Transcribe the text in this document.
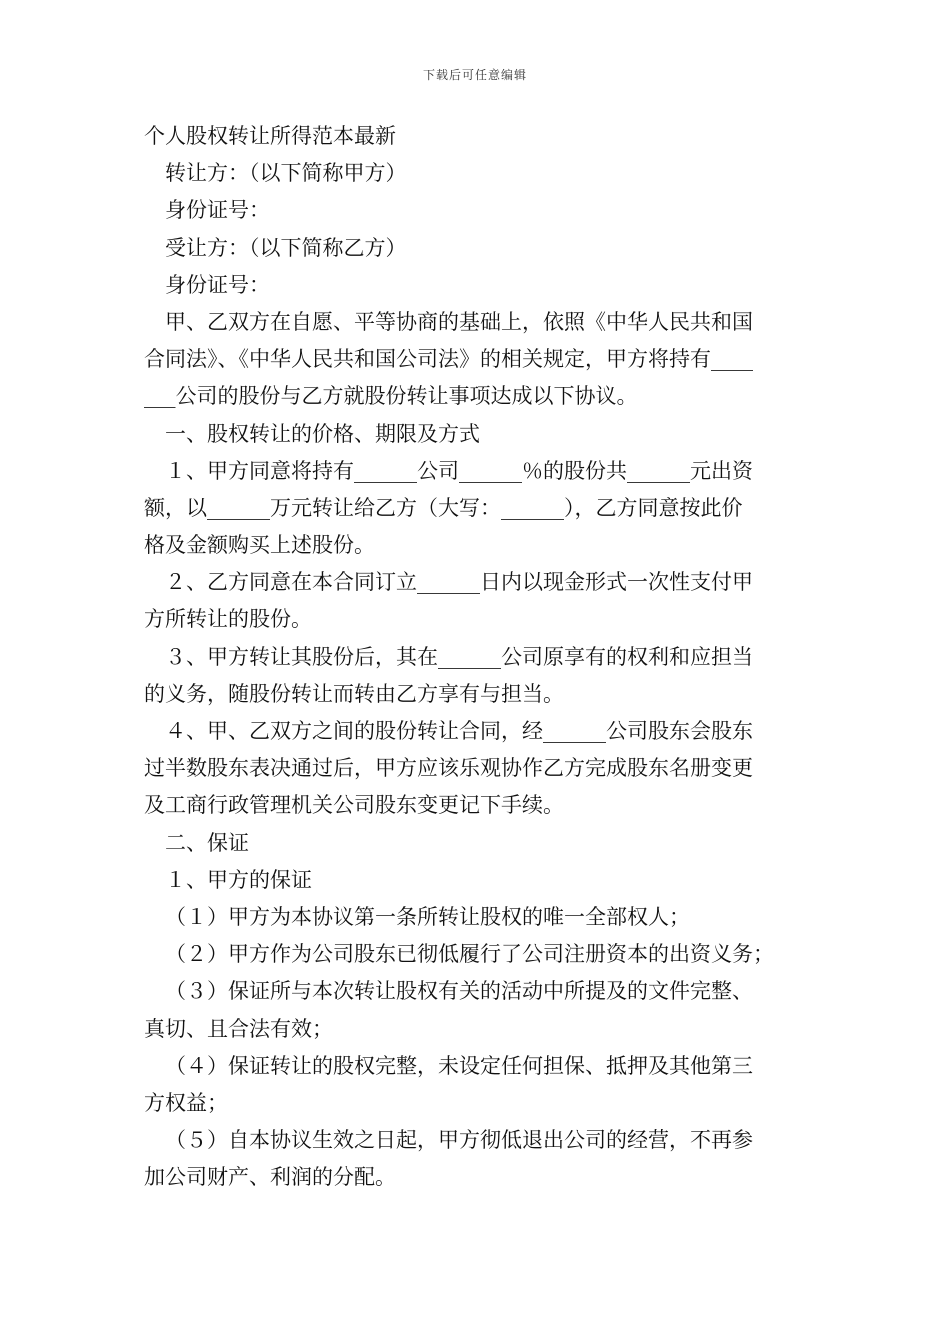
下载后可任意编辑
个人股权转让所得范本最新
转让方：（以下简称甲方）
身份证号：
受让方：（以下简称乙方）
身份证号：
甲、乙双方在自愿、平等协商的基础上，依照《中华人民共和国
合同法》、《中华人民共和国公司法》的相关规定，甲方将持有____
___公司的股份与乙方就股份转让事项达成以下协议。
一、股权转让的价格、期限及方式
１、甲方同意将持有______公司______％的股份共______元出资
额，以______万元转让给乙方（大写：______），乙方同意按此价
格及金额购买上述股份。
２、乙方同意在本合同订立______日内以现金形式一次性支付甲
方所转让的股份。
３、甲方转让其股份后，其在______公司原享有的权利和应担当
的义务，随股份转让而转由乙方享有与担当。
４、甲、乙双方之间的股份转让合同，经______公司股东会股东
过半数股东表决通过后，甲方应该乐观协作乙方完成股东名册变更
及工商行政管理机关公司股东变更记下手续。
二、保证
１、甲方的保证
（１）甲方为本协议第一条所转让股权的唯一全部权人；
（２）甲方作为公司股东已彻低履行了公司注册资本的出资义务；
（３）保证所与本次转让股权有关的活动中所提及的文件完整、
真切、且合法有效；
（４）保证转让的股权完整，未设定任何担保、抵押及其他第三
方权益；
（５）自本协议生效之日起，甲方彻低退出公司的经营，不再参
加公司财产、利润的分配。
